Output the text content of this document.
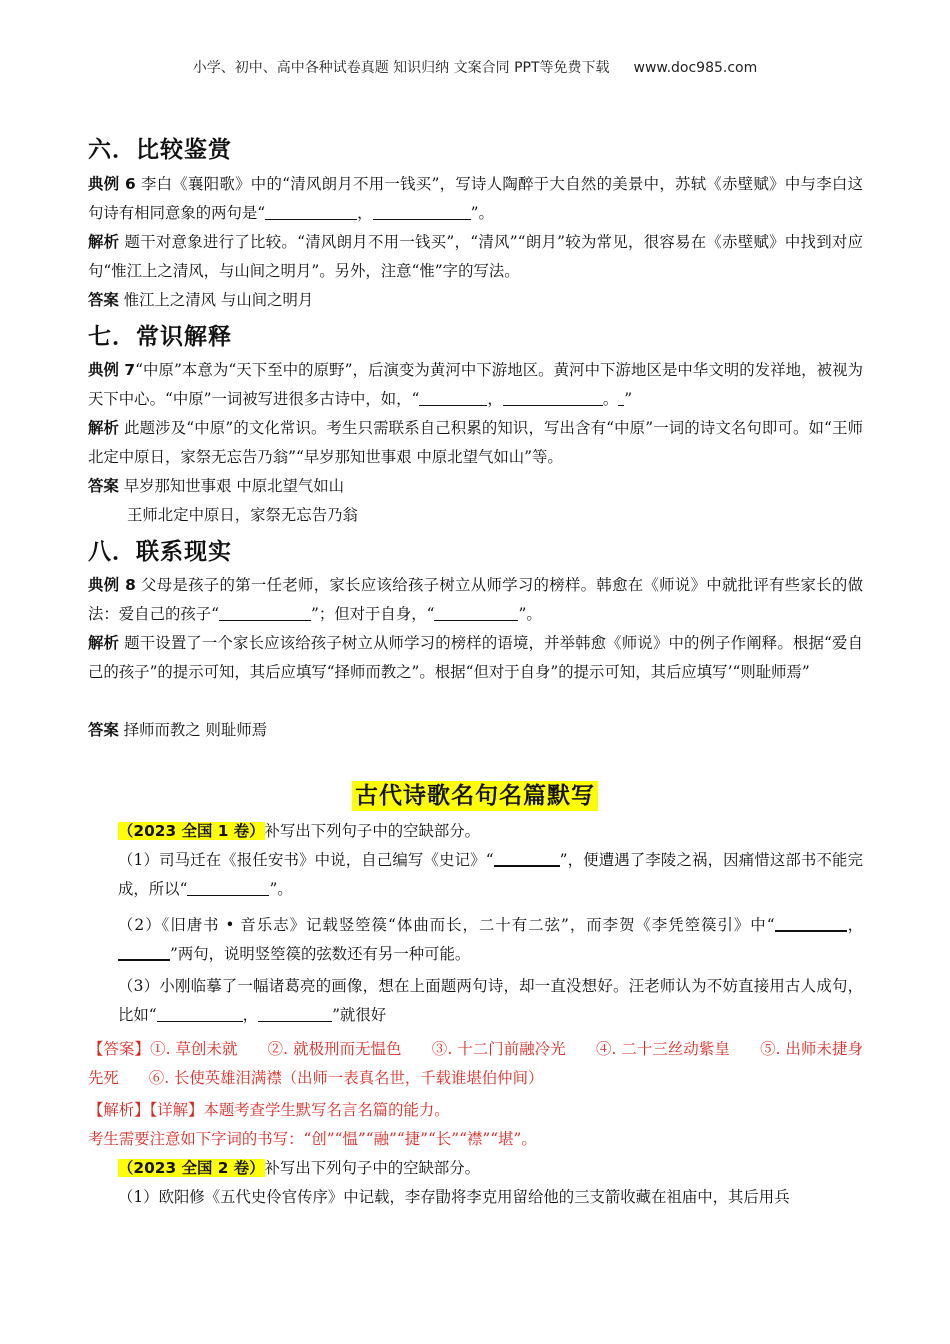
小学、初中、高中各种试卷真题 知识归纳 文案合同 PPT等免费下载 www.doc985.com
六．比较鉴赏
典例 6 李白《襄阳歌》中的“清风朗月不用一钱买”，写诗人陶醉于大自然的美景中，苏轼《赤壁赋》中与李白这句诗有相同意象的两句是“	，	”。
解析 题干对意象进行了比较。“清风朗月不用一钱买”，“清风”“朗月”较为常见，很容易在《赤壁赋》中找到对应句“惟江上之清风，与山间之明月”。另外，注意“惟”字的写法。
答案 惟江上之清风 与山间之明月
七．常识解释
典例 7“中原”本意为“天下至中的原野”，后演变为黄河中下游地区。黄河中下游地区是中华文明的发祥地，被视为天下中心。“中原”一词被写进很多古诗中，如，“	，	。 ”
解析 此题涉及“中原”的文化常识。考生只需联系自己积累的知识，写出含有“中原”一词的诗文名句即可。如“王师北定中原日，家祭无忘告乃翁”“早岁那知世事艰 中原北望气如山”等。
答案 早岁那知世事艰 中原北望气如山
王师北定中原日，家祭无忘告乃翁
八．联系现实
典例 8 父母是孩子的第一任老师，家长应该给孩子树立从师学习的榜样。韩愈在《师说》中就批评有些家长的做法：爱自己的孩子“	”；但对于自身，“	”。
解析 题干设置了一个家长应该给孩子树立从师学习的榜样的语境，并举韩愈《师说》中的例子作阐释。根据“爱自己的孩子”的提示可知，其后应填写“择师而教之”。根据“但对于自身”的提示可知，其后应填写’“则耻师焉”
答案 择师而教之 则耻师焉
古代诗歌名句名篇默写
（2023 全国 1 卷）补写出下列句子中的空缺部分。
（1）司马迁在《报任安书》中说，自己编写《史记》“	”，便遭遇了李陵之祸，因痛惜这部书不能完成，所以“	”。
（2）《旧唐书 • 音乐志》记载竖箜篌“体曲而长，二十有二弦”，而李贺《李凭箜篌引》中“	，”两句，说明竖箜篌的弦数还有另一种可能。
（3）小刚临摹了一幅诸葛亮的画像，想在上面题两句诗，却一直没想好。汪老师认为不妨直接用古人成句，比如“	，	”就很好
【答案】①. 草创未就 ②. 就极刑而无愠色 ③. 十二门前融冷光 ④. 二十三丝动紫皇 ⑤. 出师未捷身先死 ⑥. 长使英雄泪满襟（出师一表真名世，千载谁堪伯仲间）
【解析】【详解】本题考查学生默写名言名篇的能力。
考生需要注意如下字词的书写：“创”“愠”“融”“捷”“长”“襟”“堪”。
（2023 全国 2 卷）补写出下列句子中的空缺部分。
（1）欧阳修《五代史伶官传序》中记载，李存勖将李克用留给他的三支箭收藏在祖庙中，其后用兵
